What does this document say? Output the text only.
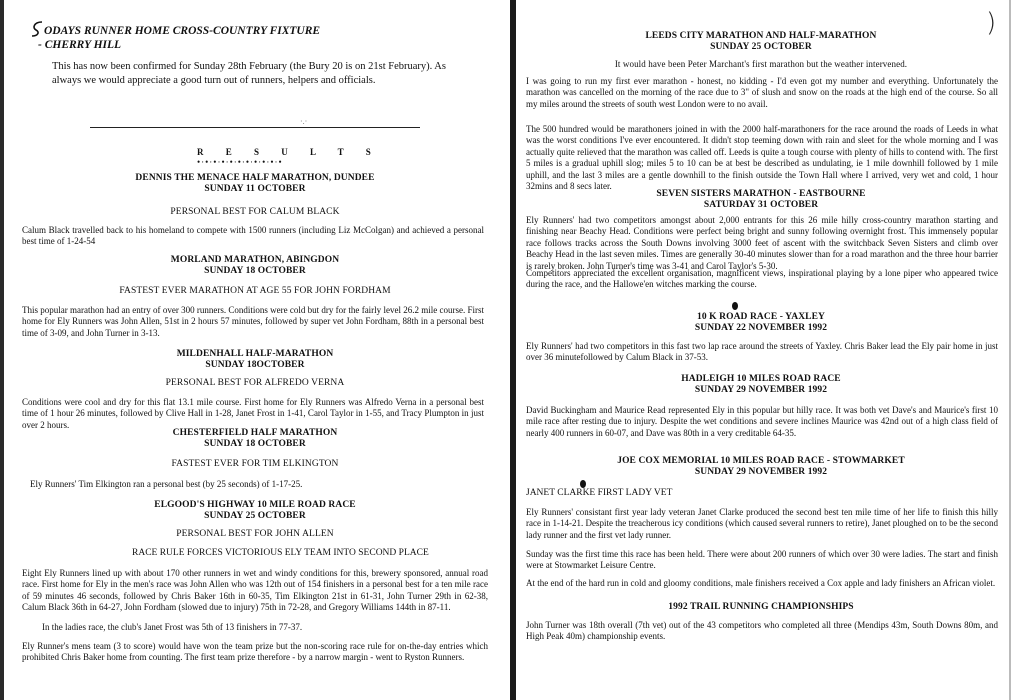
ODAYS RUNNER HOME CROSS-COUNTRY FIXTURE
- CHERRY HILL
This has now been confirmed for Sunday 28th February (the Bury 20 is on 21st February). As always we would appreciate a good turn out of runners, helpers and officials.
·.·
R E S U L T S
•·•·•·•·•·•·•·•·•·•·•
DENNIS THE MENACE HALF MARATHON, DUNDEE
SUNDAY 11 OCTOBER
PERSONAL BEST FOR CALUM BLACK
Calum Black travelled back to his homeland to compete with 1500 runners (including Liz McColgan) and achieved a personal best time of 1-24-54
MORLAND MARATHON, ABINGDON
SUNDAY 18 OCTOBER
FASTEST EVER MARATHON AT AGE 55 FOR JOHN FORDHAM
This popular marathon had an entry of over 300 runners. Conditions were cold but dry for the fairly level 26.2 mile course. First home for Ely Runners was John Allen, 51st in 2 hours 57 minutes, followed by super vet John Fordham, 88th in a personal best time of 3-09, and John Turner in 3-13.
MILDENHALL HALF-MARATHON
SUNDAY 18OCTOBER
PERSONAL BEST FOR ALFREDO VERNA
Conditions were cool and dry for this flat 13.1 mile course. First home for Ely Runners was Alfredo Verna in a personal best time of 1 hour 26 minutes, followed by Clive Hall in 1-28, Janet Frost in 1-41, Carol Taylor in 1-55, and Tracy Plumpton in just over 2 hours.
CHESTERFIELD HALF MARATHON
SUNDAY 18 OCTOBER
FASTEST EVER FOR TIM ELKINGTON
Ely Runners' Tim Elkington ran a personal best (by 25 seconds) of 1-17-25.
ELGOOD'S HIGHWAY 10 MILE ROAD RACE
SUNDAY 25 OCTOBER
PERSONAL BEST FOR JOHN ALLEN
RACE RULE FORCES VICTORIOUS ELY TEAM INTO SECOND PLACE
Eight Ely Runners lined up with about 170 other runners in wet and windy conditions for this, brewery sponsored, annual road race. First home for Ely in the men's race was John Allen who was 12th out of 154 finishers in a personal best for a ten mile race of 59 minutes 46 seconds, followed by Chris Baker 16th in 60-35, Tim Elkington 21st in 61-31, John Turner 29th in 62-38, Calum Black 36th in 64-27, John Fordham (slowed due to injury) 75th in 72-28, and Gregory Williams 144th in 87-11.
In the ladies race, the club's Janet Frost was 5th of 13 finishers in 77-37.
Ely Runner's mens team (3 to score) would have won the team prize but the non-scoring race rule for on-the-day entries which prohibited Chris Baker home from counting. The first team prize therefore - by a narrow margin - went to Ryston Runners.
)
LEEDS CITY MARATHON AND HALF-MARATHON
SUNDAY 25 OCTOBER
It would have been Peter Marchant's first marathon but the weather intervened.
I was going to run my first ever marathon - honest, no kidding - I'd even got my number and everything. Unfortunately the marathon was cancelled on the morning of the race due to 3" of slush and snow on the roads at the high end of the course. So all my miles around the streets of south west London were to no avail.
The 500 hundred would be marathoners joined in with the 2000 half-marathoners for the race around the roads of Leeds in what was the worst conditions I've ever encountered. It didn't stop teeming down with rain and sleet for the whole morning and I was actually quite relieved that the marathon was called off. Leeds is quite a tough course with plenty of hills to contend with. The first 5 miles is a gradual uphill slog; miles 5 to 10 can be at best be described as undulating, ie 1 mile downhill followed by 1 mile uphill, and the last 3 miles are a gentle downhill to the finish outside the Town Hall where I arrived, very wet and cold, 1 hour 32mins and 8 secs later.
SEVEN SISTERS MARATHON - EASTBOURNE
SATURDAY 31 OCTOBER
Ely Runners' had two competitors amongst about 2,000 entrants for this 26 mile hilly cross-country marathon starting and finishing near Beachy Head. Conditions were perfect being bright and sunny following overnight frost. This immensely popular race follows tracks across the South Downs involving 3000 feet of ascent with the switchback Seven Sisters and climb over Beachy Head in the last seven miles. Times are generally 30-40 minutes slower than for a road marathon and the three hour barrier is rarely broken. John Turner's time was 3-41 and Carol Taylor's 5-30.
Competitors appreciated the excellent organisation, magnificent views, inspirational playing by a lone piper who appeared twice during the race, and the Hallowe'en witches marking the course.
10 K ROAD RACE - YAXLEY
SUNDAY 22 NOVEMBER 1992
Ely Runners' had two competitors in this fast two lap race around the streets of Yaxley. Chris Baker lead the Ely pair home in just over 36 minutefollowed by Calum Black in 37-53.
HADLEIGH 10 MILES ROAD RACE
SUNDAY 29 NOVEMBER 1992
David Buckingham and Maurice Read represented Ely in this popular but hilly race. It was both vet Dave's and Maurice's first 10 mile race after resting due to injury. Despite the wet conditions and severe inclines Maurice was 42nd out of a high class field of nearly 400 runners in 60-07, and Dave was 80th in a very creditable 64-35.
JOE COX MEMORIAL 10 MILES ROAD RACE - STOWMARKET
SUNDAY 29 NOVEMBER 1992
JANET CLARKE FIRST LADY VET
Ely Runners' consistant first year lady veteran Janet Clarke produced the second best ten mile time of her life to finish this hilly race in 1-14-21. Despite the treacherous icy conditions (which caused several runners to retire), Janet ploughed on to be the second lady runner and the first vet lady runner.
Sunday was the first time this race has been held. There were about 200 runners of which over 30 were ladies. The start and finish were at Stowmarket Leisure Centre.
At the end of the hard run in cold and gloomy conditions, male finishers received a Cox apple and lady finishers an African violet.
1992 TRAIL RUNNING CHAMPIONSHIPS
John Turner was 18th overall (7th vet) out of the 43 competitors who completed all three (Mendips 43m, South Downs 80m, and High Peak 40m) championship events.
